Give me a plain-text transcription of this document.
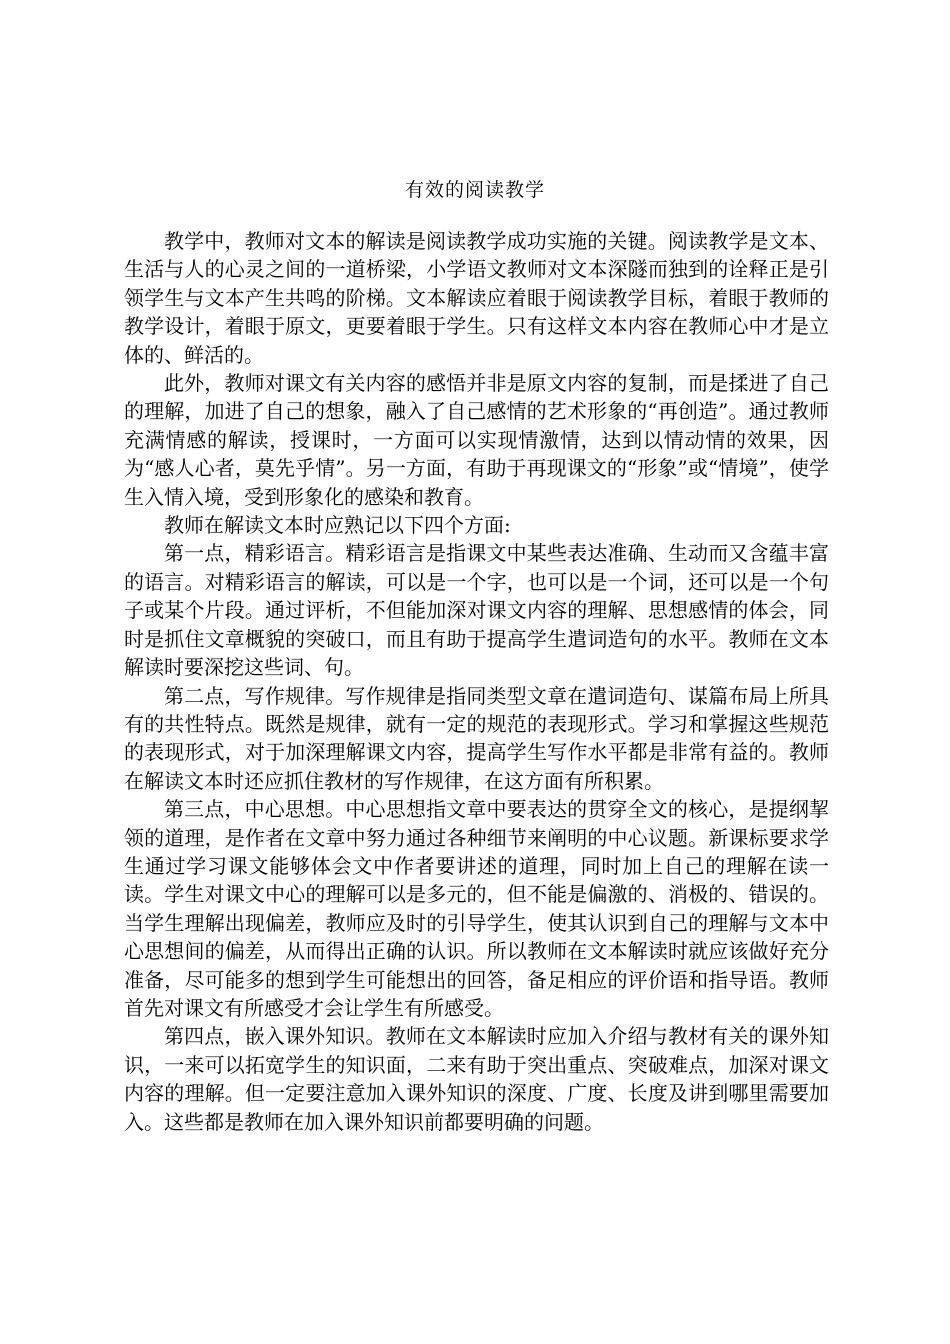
有效的阅读教学

教学中，教师对文本的解读是阅读教学成功实施的关键。阅读教学是文本、生活与人的心灵之间的一道桥梁，小学语文教师对文本深隧而独到的诠释正是引领学生与文本产生共鸣的阶梯。文本解读应着眼于阅读教学目标，着眼于教师的教学设计，着眼于原文，更要着眼于学生。只有这样文本内容在教师心中才是立体的、鲜活的。

此外，教师对课文有关内容的感悟并非是原文内容的复制，而是揉进了自己的理解，加进了自己的想象，融入了自己感情的艺术形象的“再创造”。通过教师充满情感的解读，授课时，一方面可以实现情激情，达到以情动情的效果，因为“感人心者，莫先乎情”。另一方面，有助于再现课文的“形象”或“情境”，使学生入情入境，受到形象化的感染和教育。

教师在解读文本时应熟记以下四个方面:

第一点，精彩语言。精彩语言是指课文中某些表达准确、生动而又含蕴丰富的语言。对精彩语言的解读，可以是一个字，也可以是一个词，还可以是一个句子或某个片段。通过评析，不但能加深对课文内容的理解、思想感情的体会，同时是抓住文章概貌的突破口，而且有助于提高学生遣词造句的水平。教师在文本解读时要深挖这些词、句。

第二点，写作规律。写作规律是指同类型文章在遣词造句、谋篇布局上所具有的共性特点。既然是规律，就有一定的规范的表现形式。学习和掌握这些规范的表现形式，对于加深理解课文内容，提高学生写作水平都是非常有益的。教师在解读文本时还应抓住教材的写作规律，在这方面有所积累。

第三点，中心思想。中心思想指文章中要表达的贯穿全文的核心，是提纲挈领的道理，是作者在文章中努力通过各种细节来阐明的中心议题。新课标要求学生通过学习课文能够体会文中作者要讲述的道理，同时加上自己的理解在读一读。学生对课文中心的理解可以是多元的，但不能是偏激的、消极的、错误的。当学生理解出现偏差，教师应及时的引导学生，使其认识到自己的理解与文本中心思想间的偏差，从而得出正确的认识。所以教师在文本解读时就应该做好充分准备，尽可能多的想到学生可能想出的回答，备足相应的评价语和指导语。教师首先对课文有所感受才会让学生有所感受。

第四点，嵌入课外知识。教师在文本解读时应加入介绍与教材有关的课外知识，一来可以拓宽学生的知识面，二来有助于突出重点、突破难点，加深对课文内容的理解。但一定要注意加入课外知识的深度、广度、长度及讲到哪里需要加入。这些都是教师在加入课外知识前都要明确的问题。
